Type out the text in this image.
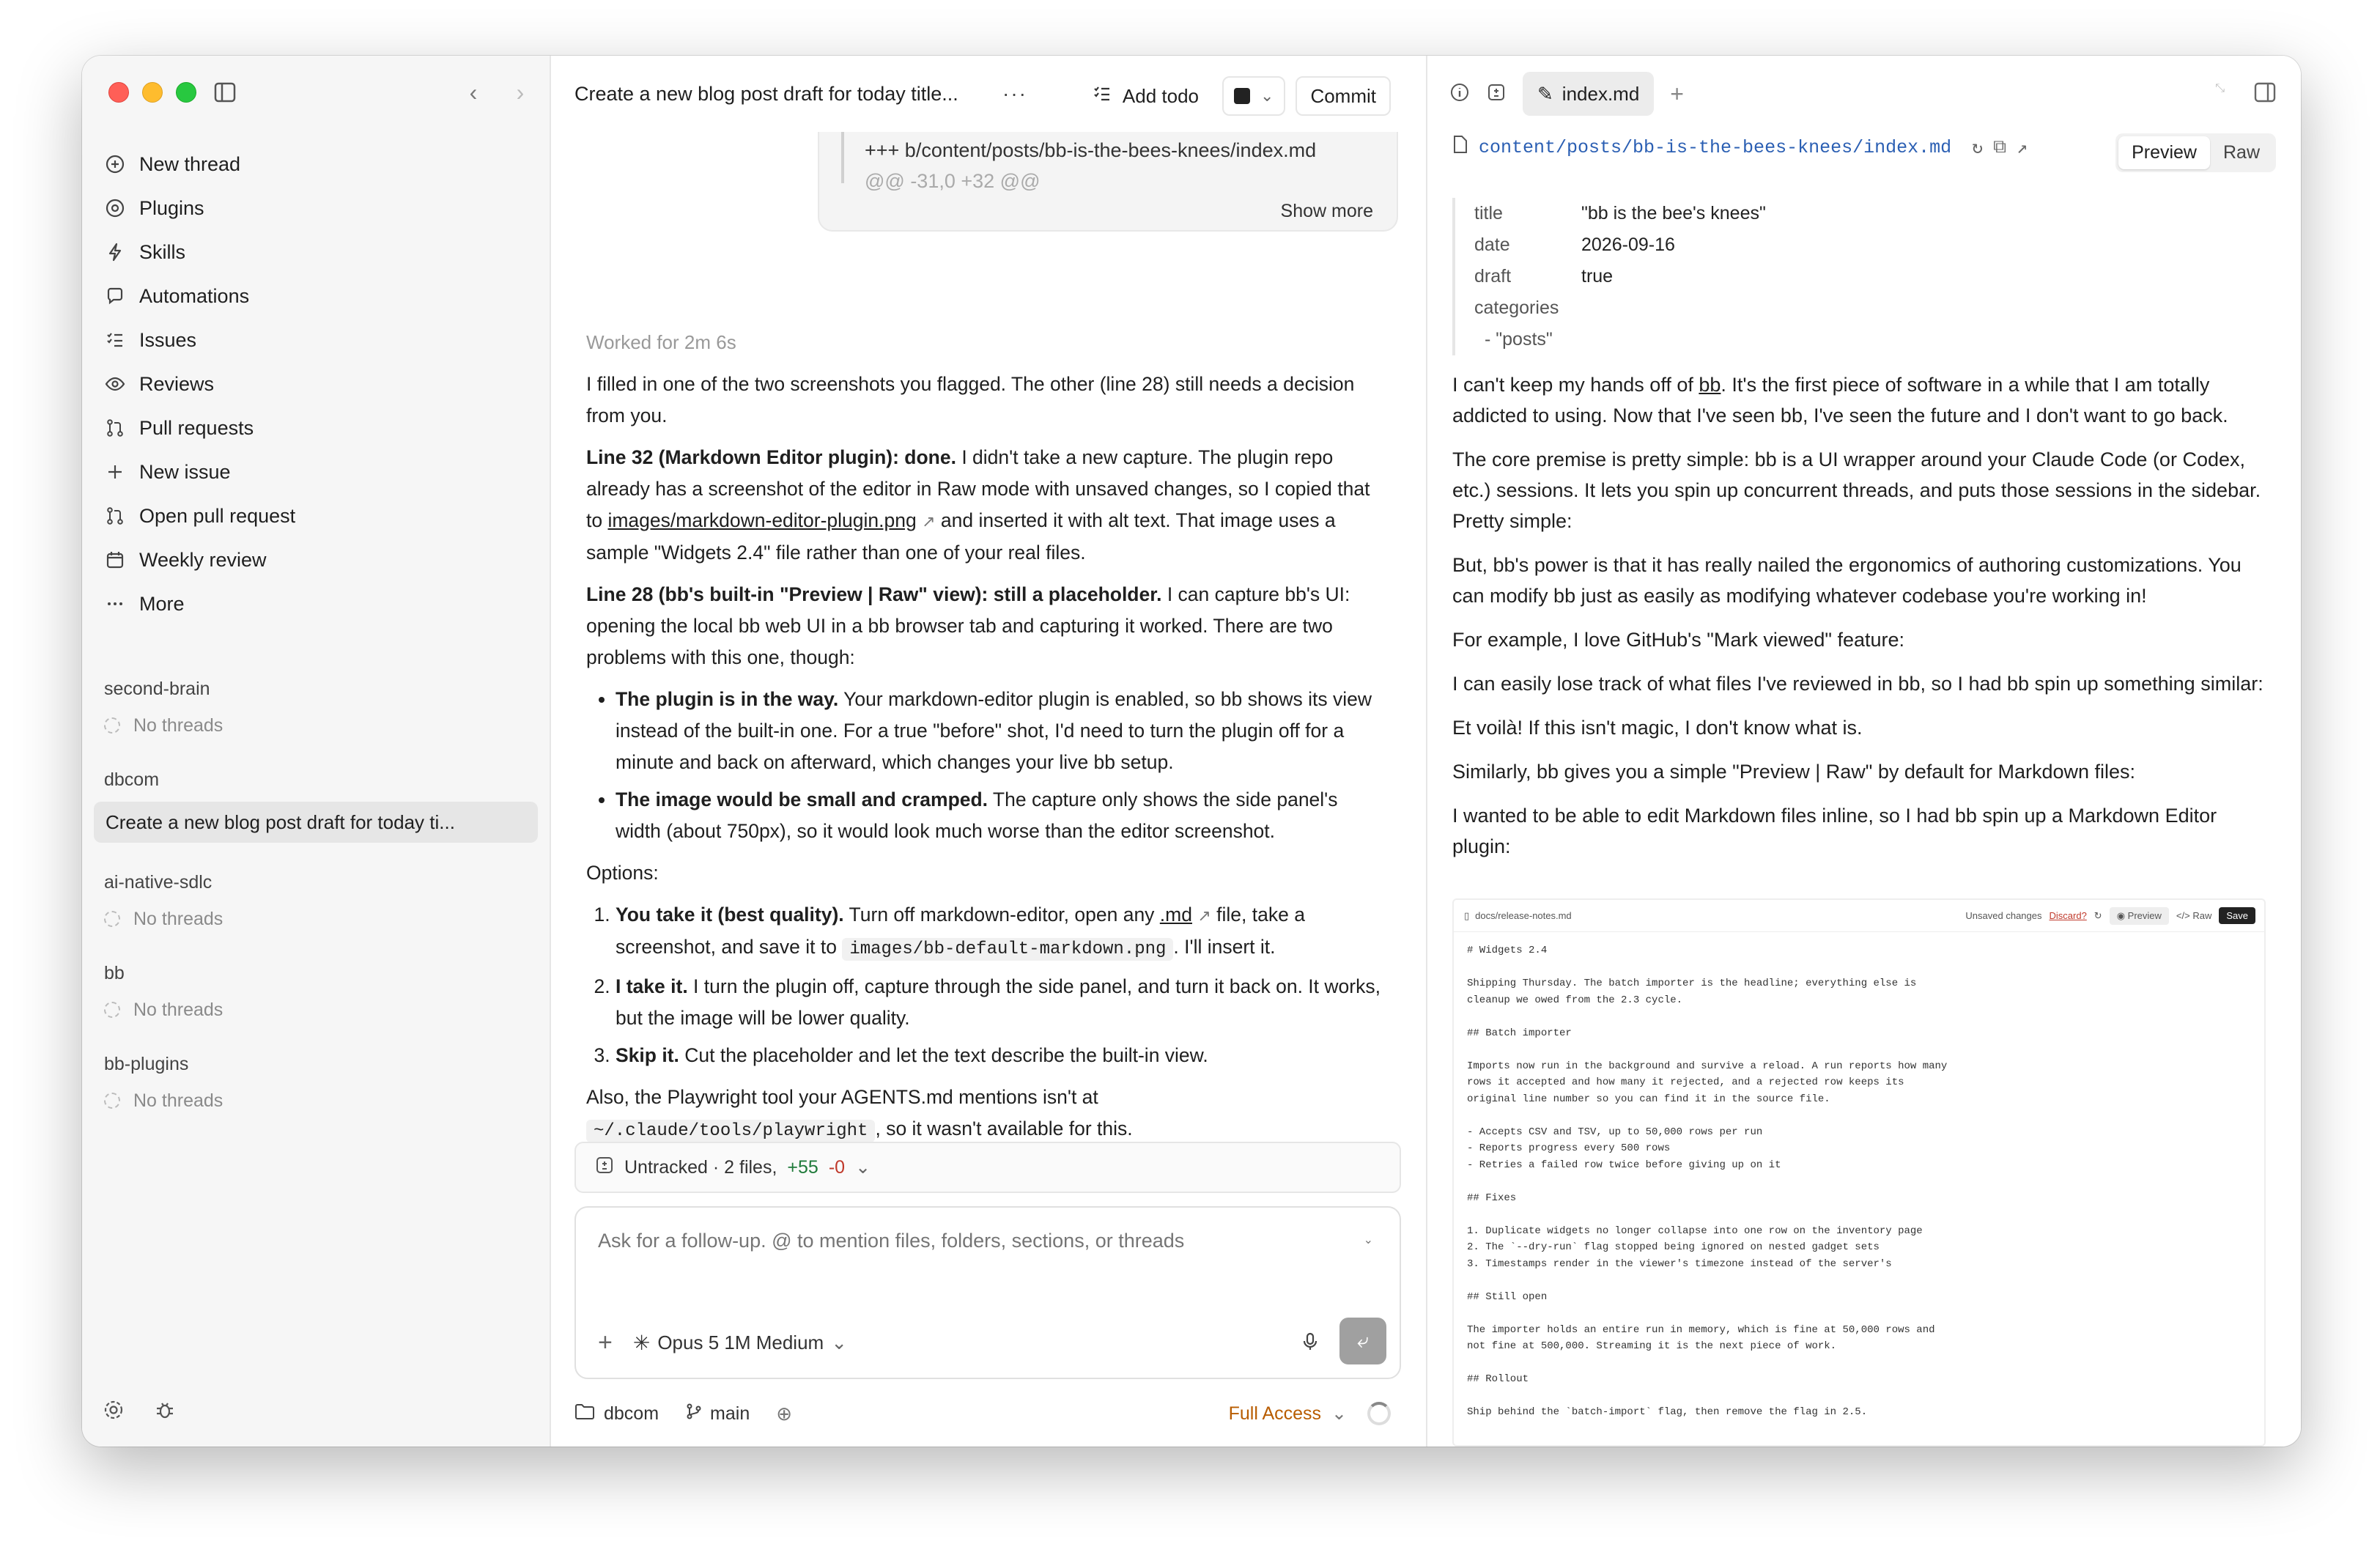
‹ ›
New thread
Plugins
Skills
Automations
Issues
Reviews
Pull requests
New issue
Open pull request
Weekly review
More
second-brain
No threads
dbcom
Create a new blog post draft for today ti...
ai-native-sdlc
No threads
bb
No threads
bb-plugins
No threads
Create a new blog post draft for today title...	···	Add todo	⌄	Commit
+++ b/content/posts/bb-is-the-bees-knees/index.md
@@ -31,0 +32 @@
Show more
Worked for 2m 6s

I filled in one of the two screenshots you flagged. The other (line 28) still needs a decision from you.

Line 32 (Markdown Editor plugin): done. I didn't take a new capture. The plugin repo already has a screenshot of the editor in Raw mode with unsaved changes, so I copied that to images/markdown-editor-plugin.png ↗ and inserted it with alt text. That image uses a sample "Widgets 2.4" file rather than one of your real files.

Line 28 (bb's built-in "Preview | Raw" view): still a placeholder. I can capture bb's UI: opening the local bb web UI in a bb browser tab and capturing it worked. There are two problems with this one, though:

• The plugin is in the way. Your markdown-editor plugin is enabled, so bb shows its view instead of the built-in one. For a true "before" shot, I'd need to turn the plugin off for a minute and back on afterward, which changes your live bb setup.
• The image would be small and cramped. The capture only shows the side panel's width (about 750px), so it would look much worse than the editor screenshot.

Options:

1. You take it (best quality). Turn off markdown-editor, open any .md ↗ file, take a screenshot, and save it to images/bb-default-markdown.png . I'll insert it.
2. I take it. I turn the plugin off, capture through the side panel, and turn it back on. It works, but the image will be lower quality.
3. Skip it. Cut the placeholder and let the text describe the built-in view.

Also, the Playwright tool your AGENTS.md mentions isn't at ~/.claude/tools/playwright , so it wasn't available for this.

Untracked · 2 files, +55 -0 ⌄
Ask for a follow-up. @ to mention files, folders, sections, or threads
⌄
+ ✳ Opus 5 1M Medium ⌄	⤶
dbcom	main ⊕	Full Access ⌄
✎ index.md +	⤡
content/posts/bb-is-the-bees-knees/index.md ↻ ⧉ ↗	Preview	Raw
title	"bb is the bee's knees"
date	2026-09-16
draft	true
categories
- "posts"

I can't keep my hands off of bb. It's the first piece of software in a while that I am totally addicted to using. Now that I've seen bb, I've seen the future and I don't want to go back.

The core premise is pretty simple: bb is a UI wrapper around your Claude Code (or Codex, etc.) sessions. It lets you spin up concurrent threads, and puts those sessions in the sidebar. Pretty simple:

But, bb's power is that it has really nailed the ergonomics of authoring customizations. You can modify bb just as easily as modifying whatever codebase you're working in!

For example, I love GitHub's "Mark viewed" feature:

I can easily lose track of what files I've reviewed in bb, so I had bb spin up something similar:

Et voilà! If this isn't magic, I don't know what is.

Similarly, bb gives you a simple "Preview | Raw" by default for Markdown files:

I wanted to be able to edit Markdown files inline, so I had bb spin up a Markdown Editor plugin:

▯ docs/release-notes.md	Unsaved changes Discard? ↻	◉ Preview	</> Raw	Save
# Widgets 2.4

Shipping Thursday. The batch importer is the headline; everything else is
cleanup we owed from the 2.3 cycle.

## Batch importer

Imports now run in the background and survive a reload. A run reports how many
rows it accepted and how many it rejected, and a rejected row keeps its
original line number so you can find it in the source file.

- Accepts CSV and TSV, up to 50,000 rows per run
- Reports progress every 500 rows
- Retries a failed row twice before giving up on it

## Fixes

1. Duplicate widgets no longer collapse into one row on the inventory page
2. The `--dry-run` flag stopped being ignored on nested gadget sets
3. Timestamps render in the viewer's timezone instead of the server's

## Still open

The importer holds an entire run in memory, which is fine at 50,000 rows and
not fine at 500,000. Streaming it is the next piece of work.

## Rollout

Ship behind the `batch-import` flag, then remove the flag in 2.5.
